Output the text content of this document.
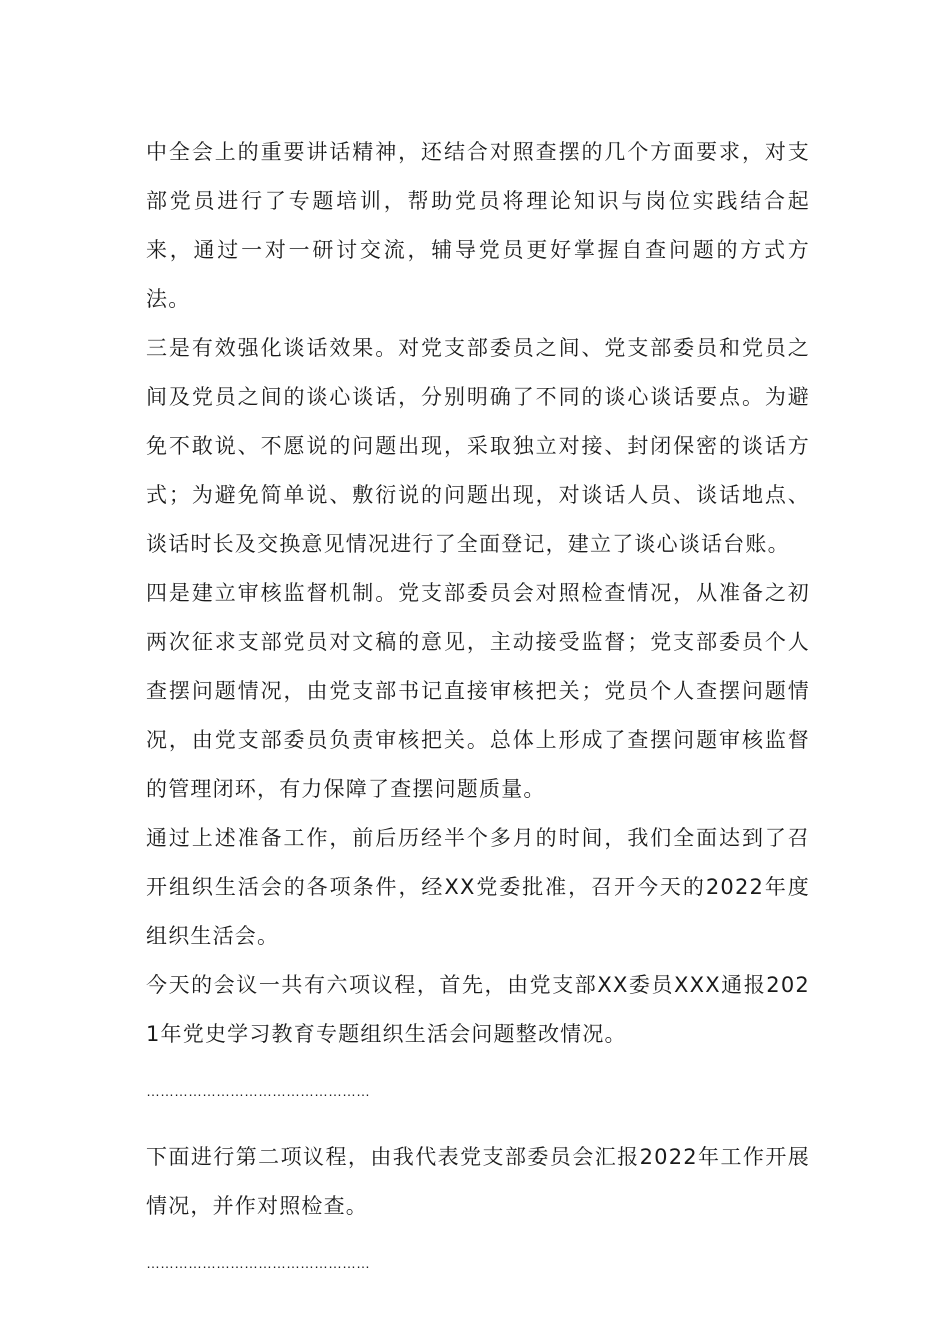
中全会上的重要讲话精神，还结合对照查摆的几个方面要求，对支部党员进行了专题培训，帮助党员将理论知识与岗位实践结合起来，通过一对一研讨交流，辅导党员更好掌握自查问题的方式方法。

三是有效强化谈话效果。对党支部委员之间、党支部委员和党员之间及党员之间的谈心谈话，分别明确了不同的谈心谈话要点。为避免不敢说、不愿说的问题出现，采取独立对接、封闭保密的谈话方式；为避免简单说、敷衍说的问题出现，对谈话人员、谈话地点、谈话时长及交换意见情况进行了全面登记，建立了谈心谈话台账。

四是建立审核监督机制。党支部委员会对照检查情况，从准备之初两次征求支部党员对文稿的意见，主动接受监督；党支部委员个人查摆问题情况，由党支部书记直接审核把关；党员个人查摆问题情况，由党支部委员负责审核把关。总体上形成了查摆问题审核监督的管理闭环，有力保障了查摆问题质量。

通过上述准备工作，前后历经半个多月的时间，我们全面达到了召开组织生活会的各项条件，经XX党委批准，召开今天的2022年度组织生活会。

今天的会议一共有六项议程，首先，由党支部XX委员XXX通报2021年党史学习教育专题组织生活会问题整改情况。

…………………………………………

下面进行第二项议程，由我代表党支部委员会汇报2022年工作开展情况，并作对照检查。

…………………………………………
